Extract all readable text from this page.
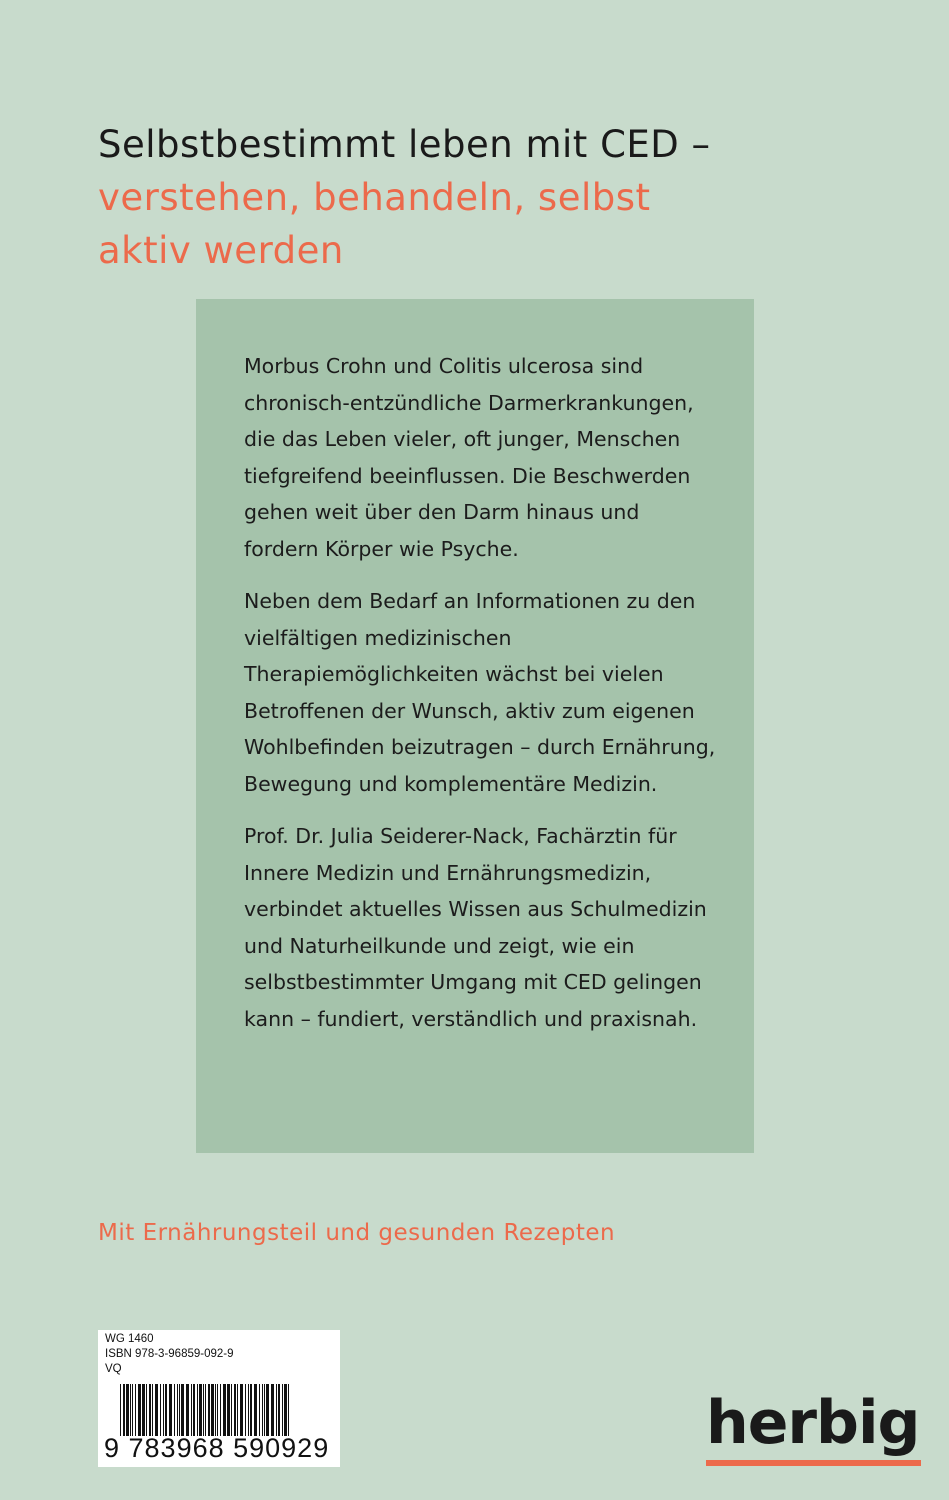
Selbstbestimmt leben mit CED –
verstehen, behandeln, selbst aktiv werden

Morbus Crohn und Colitis ulcerosa sind chronisch-entzündliche Darmerkrankungen, die das Leben vieler, oft junger, Menschen tiefgreifend beeinflussen. Die Beschwerden gehen weit über den Darm hinaus und fordern Körper wie Psyche.

Neben dem Bedarf an Informationen zu den vielfältigen medizinischen Therapiemöglichkeiten wächst bei vielen Betroffenen der Wunsch, aktiv zum eigenen Wohlbefinden beizutragen – durch Ernährung, Bewegung und komplementäre Medizin.

Prof. Dr. Julia Seiderer-Nack, Fachärztin für Innere Medizin und Ernährungsmedizin, verbindet aktuelles Wissen aus Schulmedizin und Naturheilkunde und zeigt, wie ein selbstbestimmter Umgang mit CED gelingen kann – fundiert, verständlich und praxisnah.

Mit Ernährungsteil und gesunden Rezepten
WG 1460
ISBN 978-3-96859-092-9
VQ
9 783968 590929	herbig
